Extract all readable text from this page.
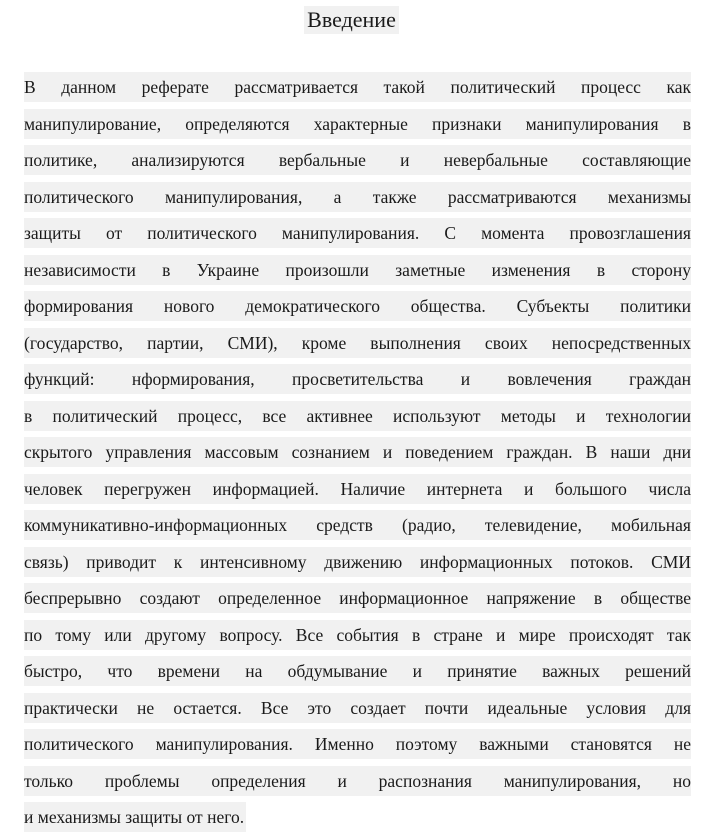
Введение
В данном реферате рассматривается такой политический процесс как
манипулирование, определяются характерные признаки манипулирования в
политике, анализируются вербальные и невербальные составляющие
политического манипулирования, а также рассматриваются механизмы
защиты от политического манипулирования. С момента провозглашения
независимости в Украине произошли заметные изменения в сторону
формирования нового демократического общества. Субъекты политики
(государство, партии, СМИ), кроме выполнения своих непосредственных
функций: нформирования, просветительства и вовлечения граждан
в политический процесс, все активнее используют методы и технологии
скрытого управления массовым сознанием и поведением граждан. В наши дни
человек перегружен информацией. Наличие интернета и большого числа
коммуникативно-информационных средств (радио, телевидение, мобильная
связь) приводит к интенсивному движению информационных потоков. СМИ
беспрерывно создают определенное информационное напряжение в обществе
по тому или другому вопросу. Все события в стране и мире происходят так
быстро, что времени на обдумывание и принятие важных решений
практически не остается. Все это создает почти идеальные условия для
политического манипулирования. Именно поэтому важными становятся не
только проблемы определения и распознания манипулирования, но
и механизмы защиты от него.
